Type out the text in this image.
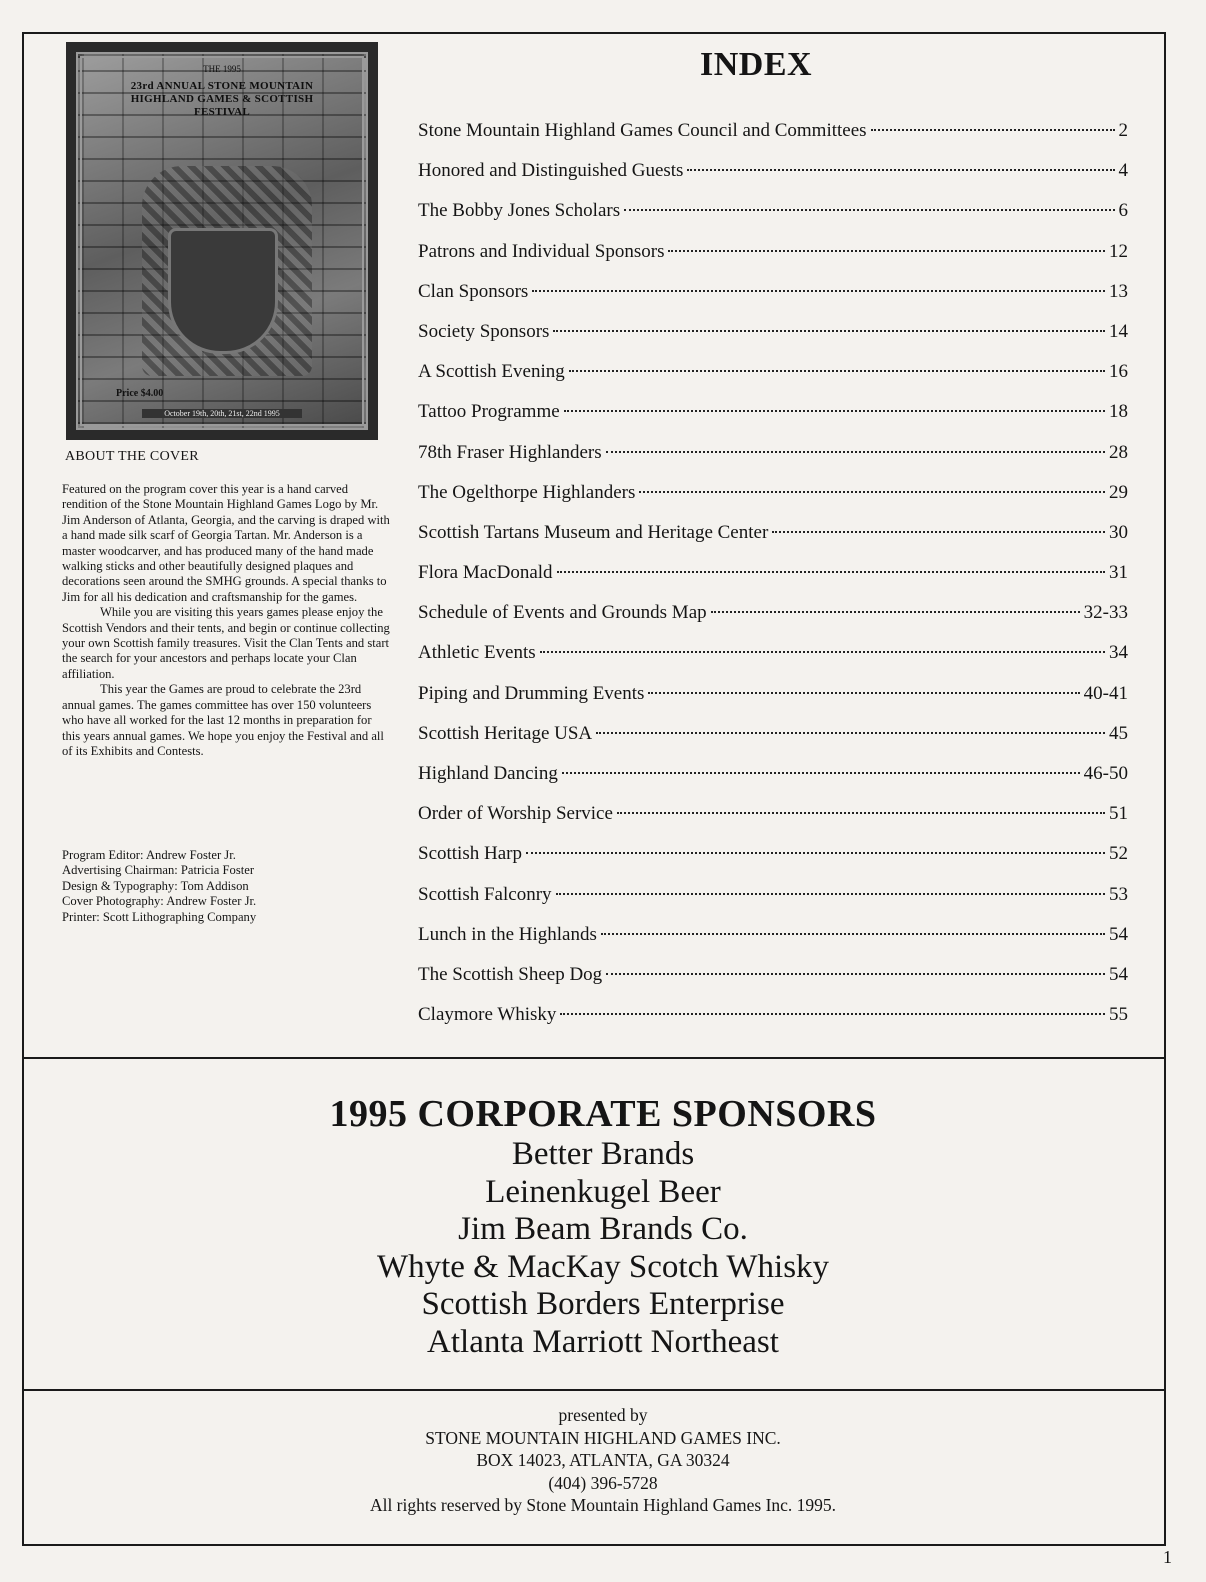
THE 1995
23rd ANNUAL STONE MOUNTAIN HIGHLAND GAMES & SCOTTISH FESTIVAL
Price $4.00
October 19th, 20th, 21st, 22nd 1995
ABOUT THE COVER

Featured on the program cover this year is a hand carved rendition of the Stone Mountain Highland Games Logo by Mr. Jim Anderson of Atlanta, Georgia, and the carving is draped with a hand made silk scarf of Georgia Tartan. Mr. Anderson is a master woodcarver, and has produced many of the hand made walking sticks and other beautifully designed plaques and decorations seen around the SMHG grounds. A special thanks to Jim for all his dedication and craftsmanship for the games.

While you are visiting this years games please enjoy the Scottish Vendors and their tents, and begin or continue collecting your own Scottish family treasures. Visit the Clan Tents and start the search for your ancestors and perhaps locate your Clan affiliation.

This year the Games are proud to celebrate the 23rd annual games. The games committee has over 150 volunteers who have all worked for the last 12 months in preparation for this years annual games. We hope you enjoy the Festival and all of its Exhibits and Contests.

Program Editor: Andrew Foster Jr.
Advertising Chairman: Patricia Foster
Design & Typography: Tom Addison
Cover Photography: Andrew Foster Jr.
Printer: Scott Lithographing Company
INDEX
Stone Mountain Highland Games Council and Committees	2
Honored and Distinguished Guests	4
The Bobby Jones Scholars	6
Patrons and Individual Sponsors	12
Clan Sponsors	13
Society Sponsors	14
A Scottish Evening	16
Tattoo Programme	18
78th Fraser Highlanders	28
The Ogelthorpe Highlanders	29
Scottish Tartans Museum and Heritage Center	30
Flora MacDonald	31
Schedule of Events and Grounds Map	32-33
Athletic Events	34
Piping and Drumming Events	40-41
Scottish Heritage USA	45
Highland Dancing	46-50
Order of Worship Service	51
Scottish Harp	52
Scottish Falconry	53
Lunch in the Highlands	54
The Scottish Sheep Dog	54
Claymore Whisky	55
1995 CORPORATE SPONSORS
Better Brands
Leinenkugel Beer
Jim Beam Brands Co.
Whyte & MacKay Scotch Whisky
Scottish Borders Enterprise
Atlanta Marriott Northeast
presented by
STONE MOUNTAIN HIGHLAND GAMES INC.
BOX 14023, ATLANTA, GA 30324
(404) 396-5728
All rights reserved by Stone Mountain Highland Games Inc. 1995.
1
